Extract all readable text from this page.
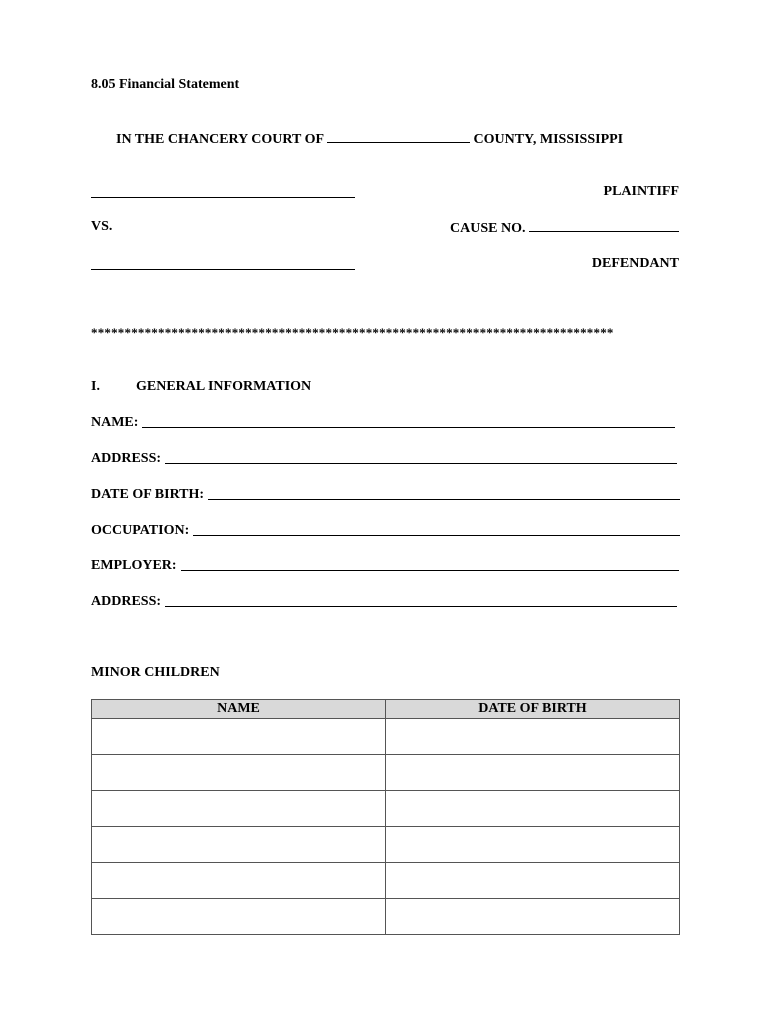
8.05 Financial Statement
IN THE CHANCERY COURT OF	COUNTY, MISSISSIPPI
PLAINTIFF
VS.	CAUSE NO.
DEFENDANT
******************************************************************************
I.	GENERAL INFORMATION
NAME:
ADDRESS:
DATE OF BIRTH:
OCCUPATION:
EMPLOYER:
ADDRESS:
MINOR CHILDREN
NAME	DATE OF BIRTH
